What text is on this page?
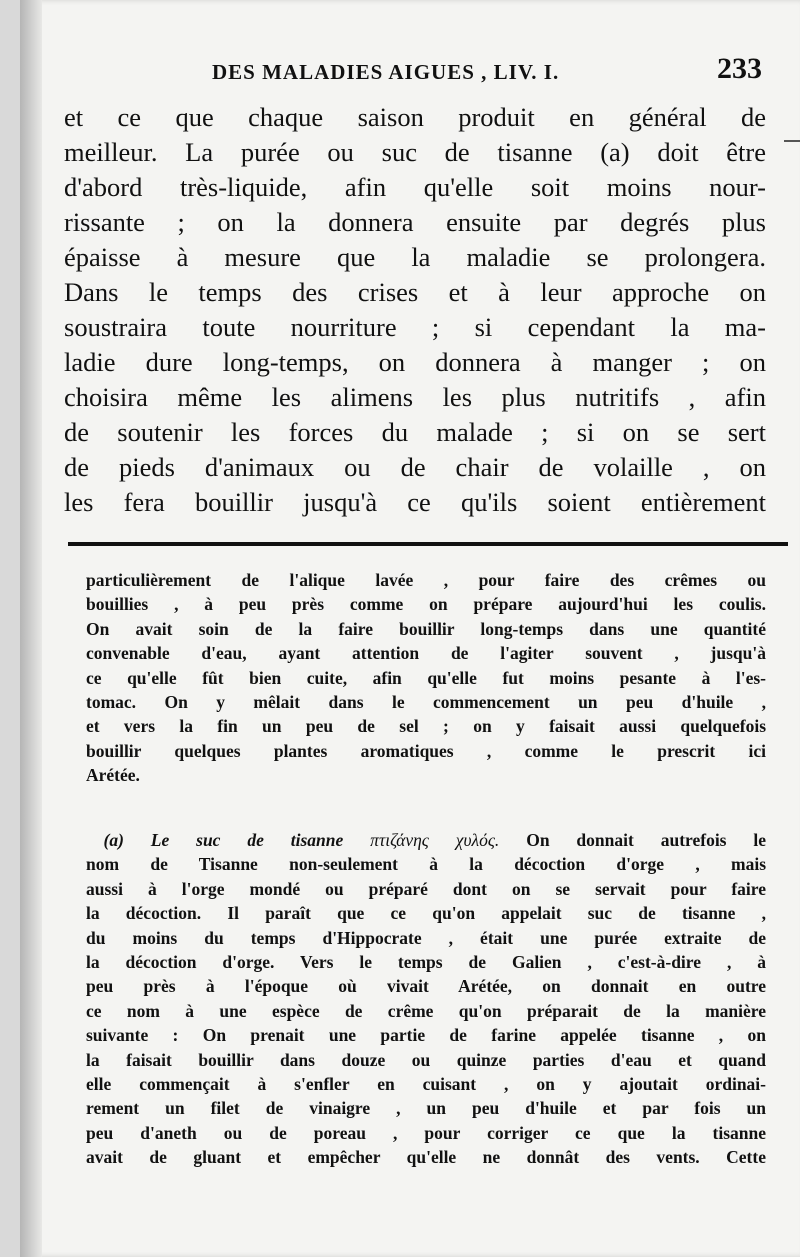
DES MALADIES AIGUES , LIV. I.	233
et ce que chaque saison produit en général de
meilleur. La purée ou suc de tisanne (a) doit être
d'abord très-liquide, afin qu'elle soit moins nour-
rissante ; on la donnera ensuite par degrés plus
épaisse à mesure que la maladie se prolongera.
Dans le temps des crises et à leur approche on
soustraira toute nourriture ; si cependant la ma-
ladie dure long-temps, on donnera à manger ; on
choisira même les alimens les plus nutritifs , afin
de soutenir les forces du malade ; si on se sert
de pieds d'animaux ou de chair de volaille , on
les fera bouillir jusqu'à ce qu'ils soient entièrement
particulièrement de l'alique lavée , pour faire des crêmes ou
bouillies , à peu près comme on prépare aujourd'hui les coulis.
On avait soin de la faire bouillir long-temps dans une quantité
convenable d'eau, ayant attention de l'agiter souvent , jusqu'à
ce qu'elle fût bien cuite, afin qu'elle fut moins pesante à l'es-
tomac. On y mêlait dans le commencement un peu d'huile ,
et vers la fin un peu de sel ; on y faisait aussi quelquefois
bouillir quelques plantes aromatiques , comme le prescrit ici
Arétée.
 (a) Le suc de tisanne πτιζάνης χυλός. On donnait autrefois le
nom de Tisanne non-seulement à la décoction d'orge , mais
aussi à l'orge mondé ou préparé dont on se servait pour faire
la décoction. Il paraît que ce qu'on appelait suc de tisanne ,
du moins du temps d'Hippocrate , était une purée extraite de
la décoction d'orge. Vers le temps de Galien , c'est-à-dire , à
peu près à l'époque où vivait Arétée, on donnait en outre
ce nom à une espèce de crême qu'on préparait de la manière
suivante : On prenait une partie de farine appelée tisanne , on
la faisait bouillir dans douze ou quinze parties d'eau et quand
elle commençait à s'enfler en cuisant , on y ajoutait ordinai-
rement un filet de vinaigre , un peu d'huile et par fois un
peu d'aneth ou de poreau , pour corriger ce que la tisanne
avait de gluant et empêcher qu'elle ne donnât des vents. Cette
